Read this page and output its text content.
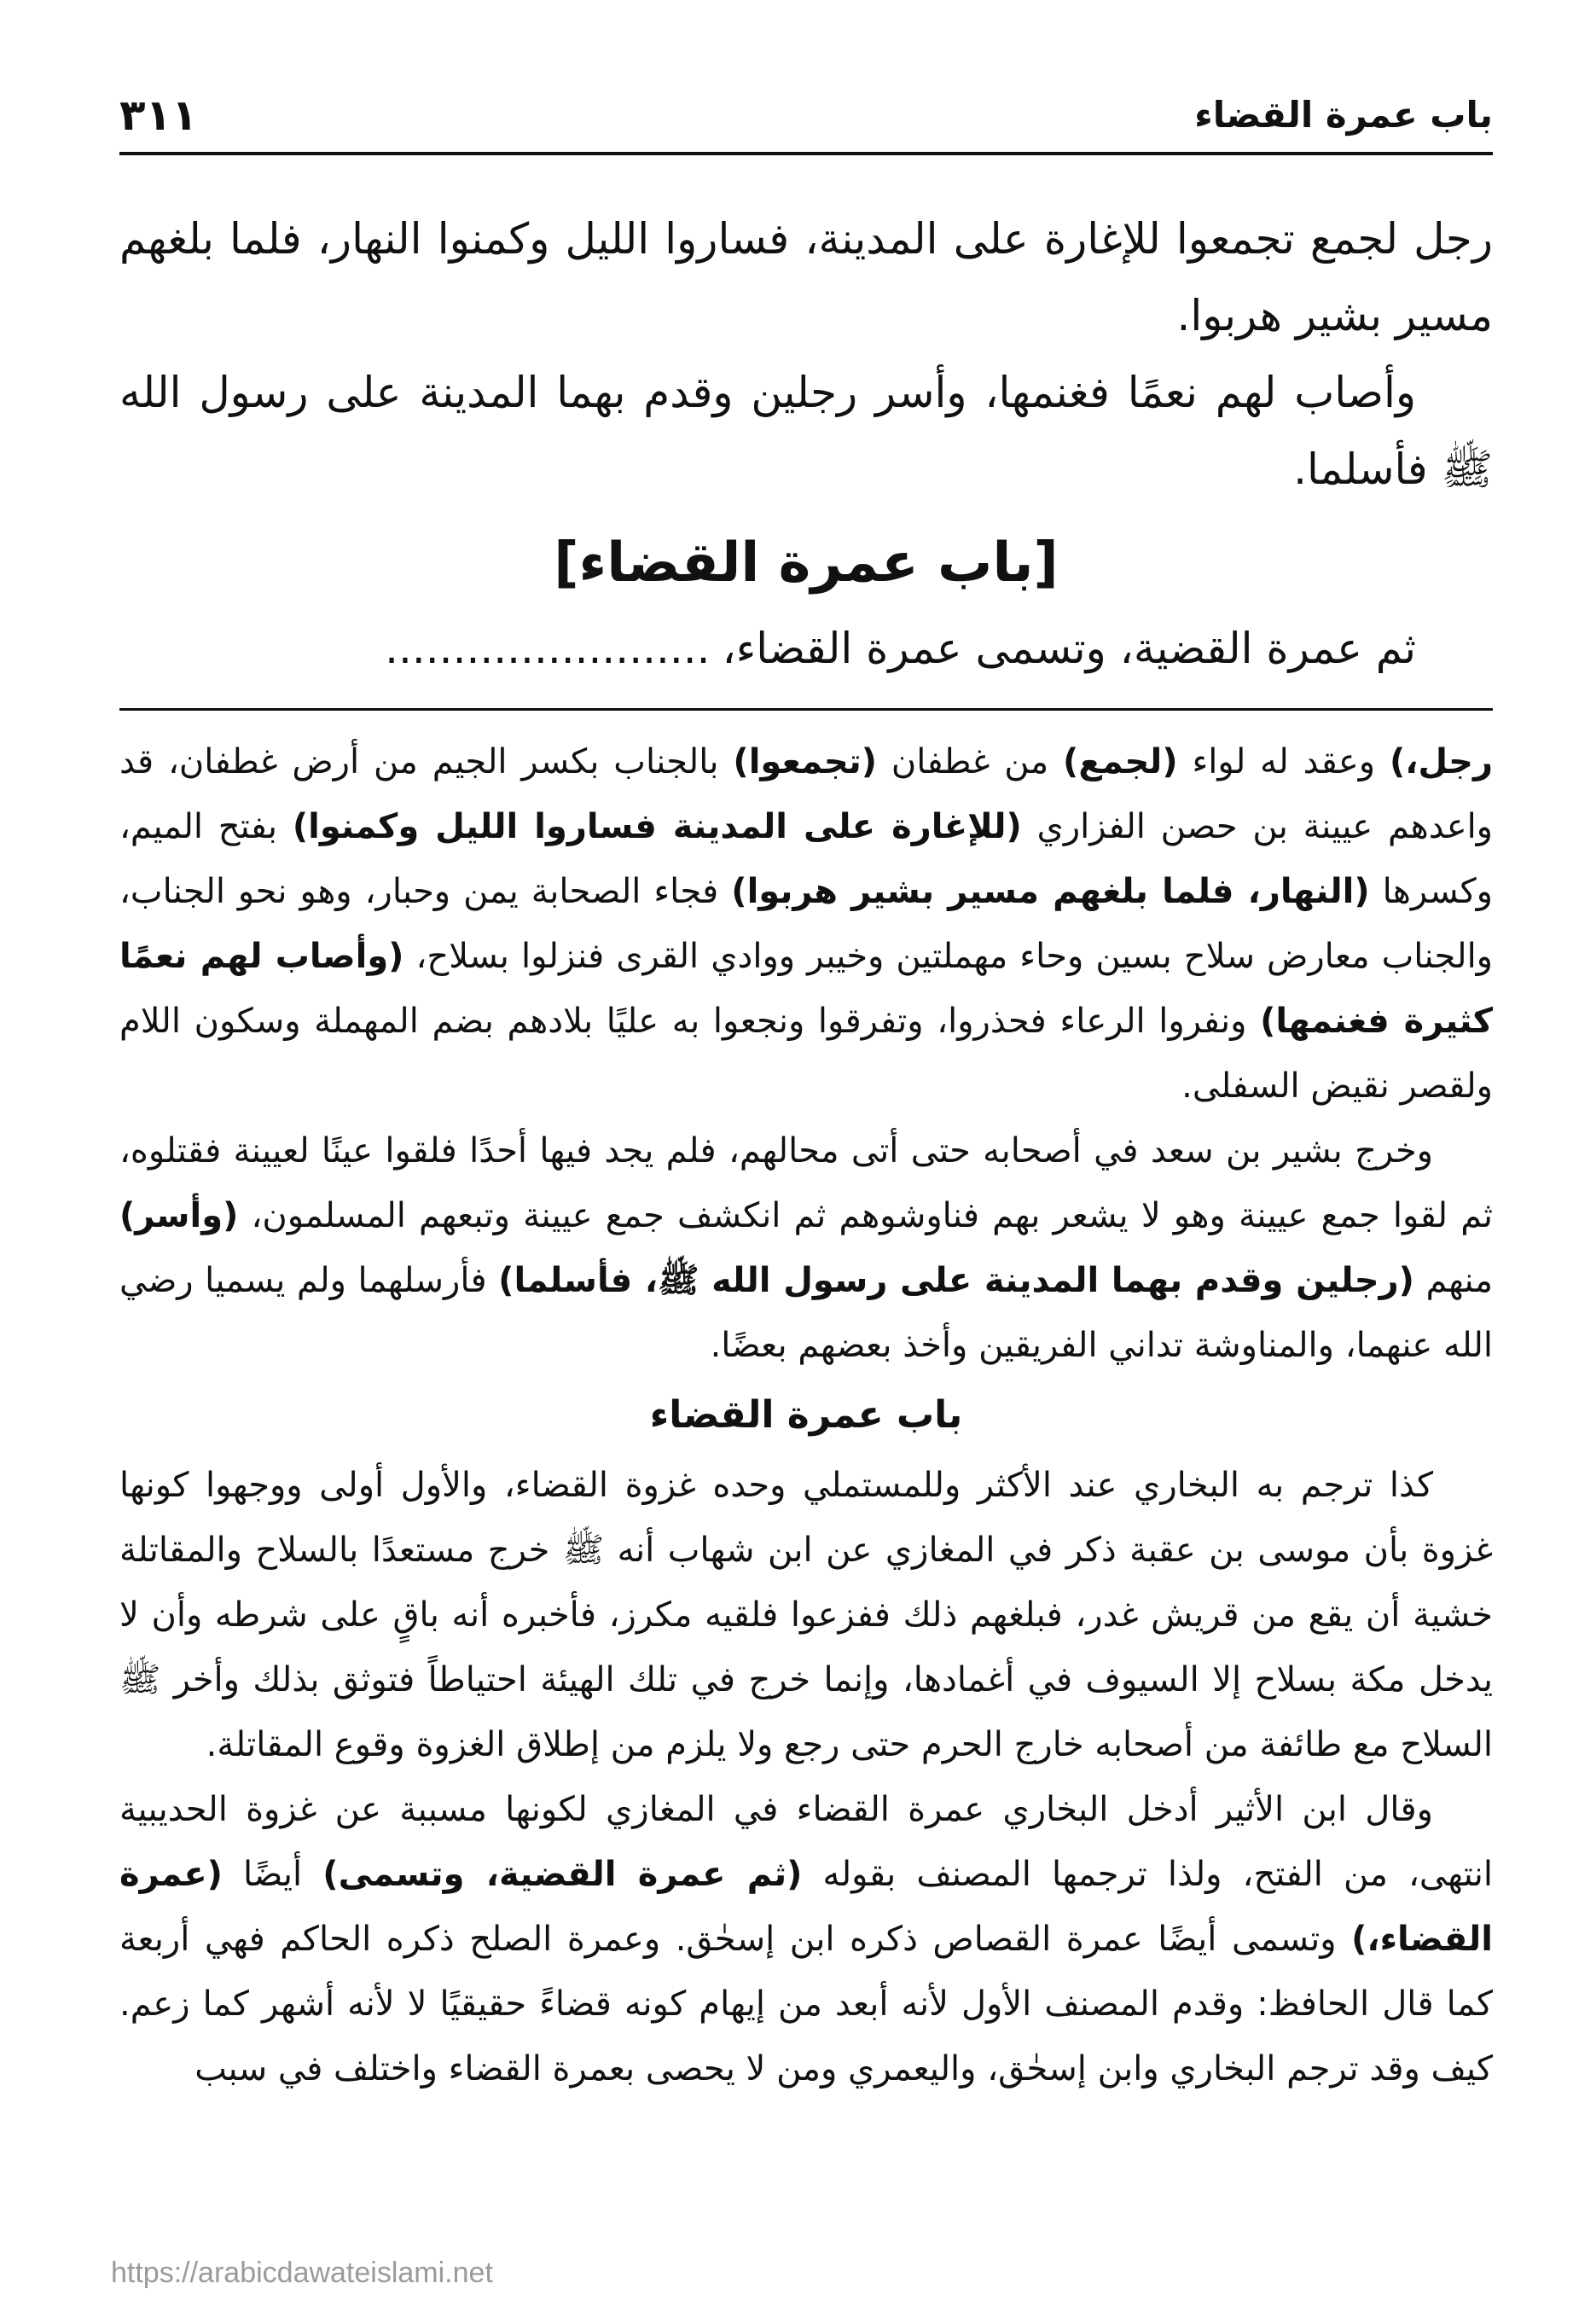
باب عمرة القضاء
٣١١

رجل لجمع تجمعوا للإغارة على المدينة، فساروا الليل وكمنوا النهار، فلما بلغهم مسير بشير هربوا.

وأصاب لهم نعمًا فغنمها، وأسر رجلين وقدم بهما المدينة على رسول الله ﷺ فأسلما.

[باب عمرة القضاء]

ثم عمرة القضية، وتسمى عمرة القضاء،........................

رجل،) وعقد له لواء (لجمع) من غطفان (تجمعوا) بالجناب بكسر الجيم من أرض غطفان، قد واعدهم عيينة بن حصن الفزاري (للإغارة على المدينة فساروا الليل وكمنوا) بفتح الميم، وكسرها (النهار، فلما بلغهم مسير بشير هربوا) فجاء الصحابة يمن وحبار، وهو نحو الجناب، والجناب معارض سلاح بسين وحاء مهملتين وخيبر ووادي القرى فنزلوا بسلاح، (وأصاب لهم نعمًا كثيرة فغنمها) ونفروا الرعاء فحذروا، وتفرقوا ونجعوا به عليًا بلادهم بضم المهملة وسكون اللام ولقصر نقيض السفلى.

وخرج بشير بن سعد في أصحابه حتى أتى محالهم، فلم يجد فيها أحدًا فلقوا عينًا لعيينة فقتلوه، ثم لقوا جمع عيينة وهو لا يشعر بهم فناوشوهم ثم انكشف جمع عيينة وتبعهم المسلمون، (وأسر) منهم (رجلين وقدم بهما المدينة على رسول الله ﷺ، فأسلما) فأرسلهما ولم يسميا رضي الله عنهما، والمناوشة تداني الفريقين وأخذ بعضهم بعضًا.

باب عمرة القضاء

كذا ترجم به البخاري عند الأكثر وللمستملي وحده غزوة القضاء، والأول أولى ووجهوا كونها غزوة بأن موسى بن عقبة ذكر في المغازي عن ابن شهاب أنه ﷺ خرج مستعدًا بالسلاح والمقاتلة خشية أن يقع من قريش غدر، فبلغهم ذلك ففزعوا فلقيه مكرز، فأخبره أنه باقٍ على شرطه وأن لا يدخل مكة بسلاح إلا السيوف في أغمادها، وإنما خرج في تلك الهيئة احتياطاً فتوثق بذلك وأخر ﷺ السلاح مع طائفة من أصحابه خارج الحرم حتى رجع ولا يلزم من إطلاق الغزوة وقوع المقاتلة.

وقال ابن الأثير أدخل البخاري عمرة القضاء في المغازي لكونها مسببة عن غزوة الحديبية انتهى، من الفتح، ولذا ترجمها المصنف بقوله (ثم عمرة القضية، وتسمى) أيضًا (عمرة القضاء،) وتسمى أيضًا عمرة القصاص ذكره ابن إسحٰق. وعمرة الصلح ذكره الحاكم فهي أربعة كما قال الحافظ: وقدم المصنف الأول لأنه أبعد من إيهام كونه قضاءً حقيقيًا لا لأنه أشهر كما زعم. كيف وقد ترجم البخاري وابن إسحٰق، واليعمري ومن لا يحصى بعمرة القضاء واختلف في سبب

https://arabicdawateislami.net
